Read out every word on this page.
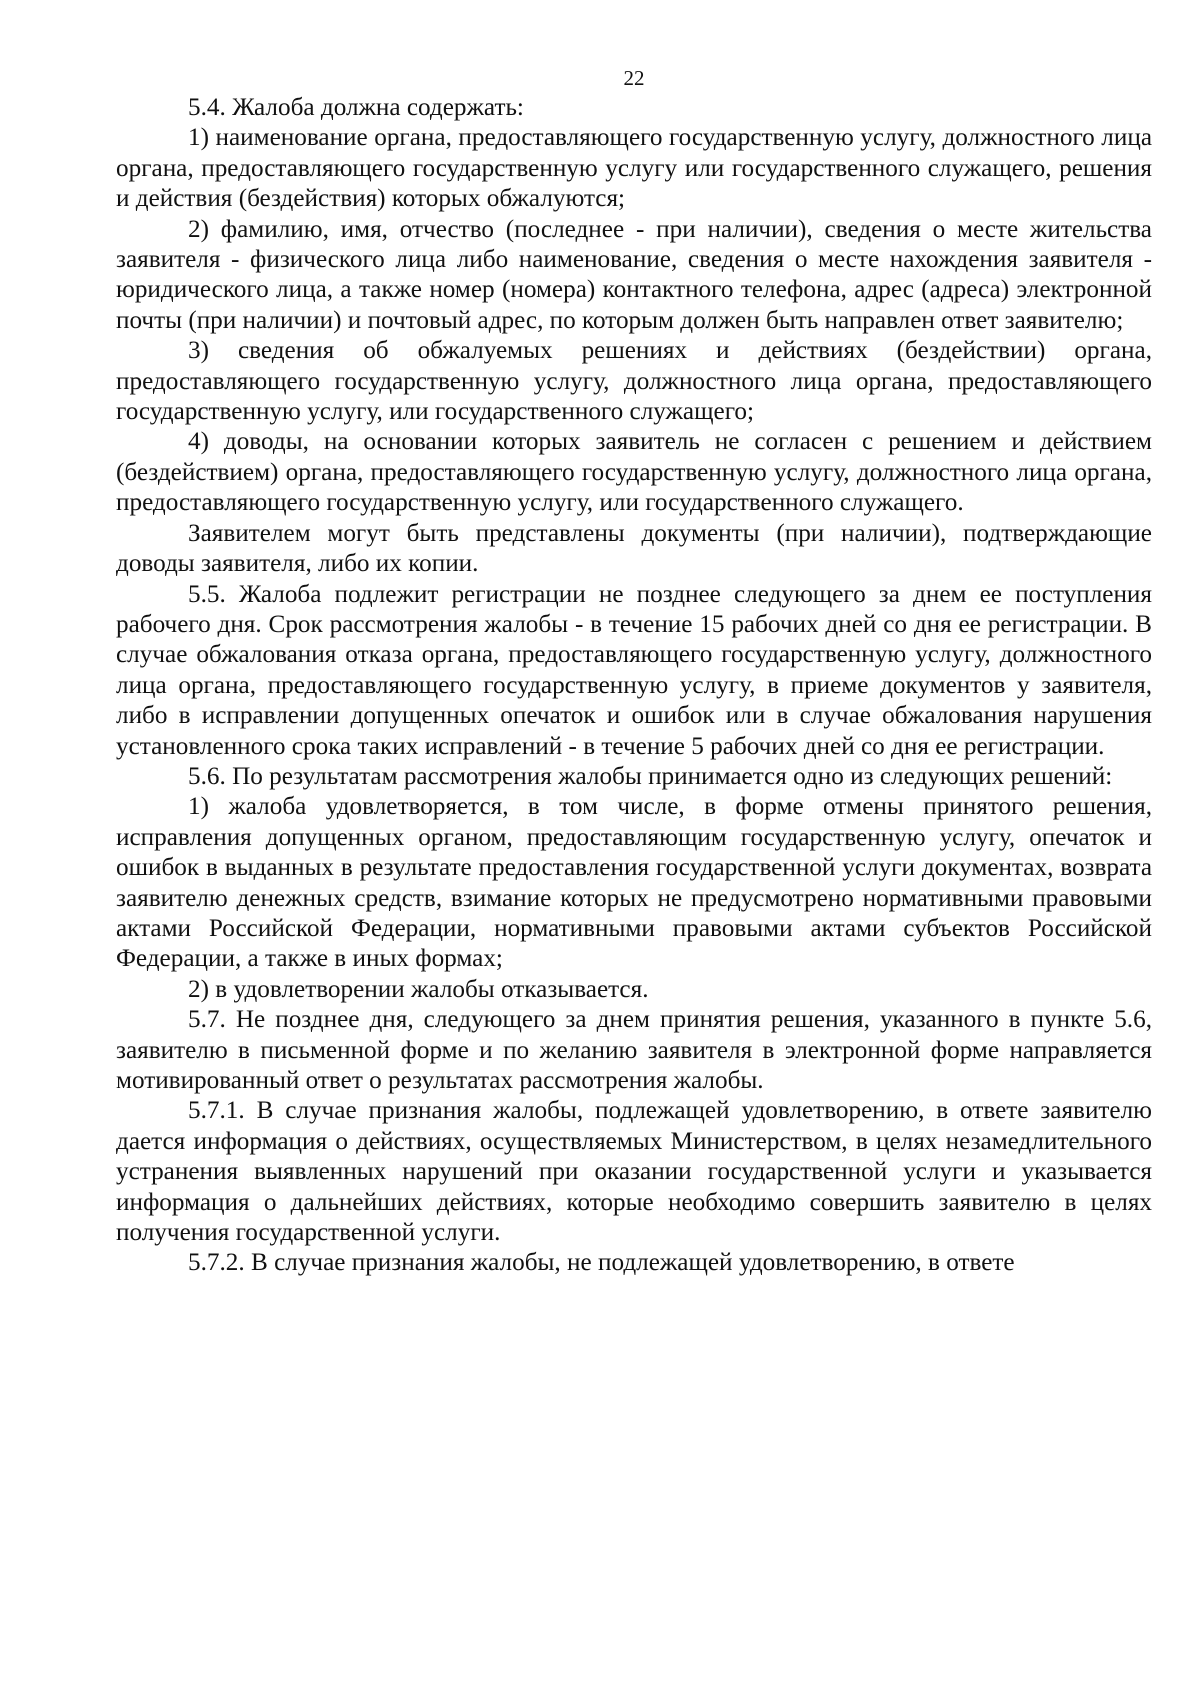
22

5.4. Жалоба должна содержать:

1) наименование органа, предоставляющего государственную услугу, должностного лица органа, предоставляющего государственную услугу или государственного служащего, решения и действия (бездействия) которых обжалуются;

2) фамилию, имя, отчество (последнее - при наличии), сведения о месте жительства заявителя - физического лица либо наименование, сведения о месте нахождения заявителя - юридического лица, а также номер (номера) контактного телефона, адрес (адреса) электронной почты (при наличии) и почтовый адрес, по которым должен быть направлен ответ заявителю;

3) сведения об обжалуемых решениях и действиях (бездействии) органа, предоставляющего государственную услугу, должностного лица органа, предоставляющего государственную услугу, или государственного служащего;

4) доводы, на основании которых заявитель не согласен с решением и действием (бездействием) органа, предоставляющего государственную услугу, должностного лица органа, предоставляющего государственную услугу, или государственного служащего.

Заявителем могут быть представлены документы (при наличии), подтверждающие доводы заявителя, либо их копии.

5.5. Жалоба подлежит регистрации не позднее следующего за днем ее поступления рабочего дня. Срок рассмотрения жалобы - в течение 15 рабочих дней со дня ее регистрации. В случае обжалования отказа органа, предоставляющего государственную услугу, должностного лица органа, предоставляющего государственную услугу, в приеме документов у заявителя, либо в исправлении допущенных опечаток и ошибок или в случае обжалования нарушения установленного срока таких исправлений - в течение 5 рабочих дней со дня ее регистрации.

5.6. По результатам рассмотрения жалобы принимается одно из следующих решений:

1) жалоба удовлетворяется, в том числе, в форме отмены принятого решения, исправления допущенных органом, предоставляющим государственную услугу, опечаток и ошибок в выданных в результате предоставления государственной услуги документах, возврата заявителю денежных средств, взимание которых не предусмотрено нормативными правовыми актами Российской Федерации, нормативными правовыми актами субъектов Российской Федерации, а также в иных формах;

2) в удовлетворении жалобы отказывается.

5.7. Не позднее дня, следующего за днем принятия решения, указанного в пункте 5.6, заявителю в письменной форме и по желанию заявителя в электронной форме направляется мотивированный ответ о результатах рассмотрения жалобы.

5.7.1. В случае признания жалобы, подлежащей удовлетворению, в ответе заявителю дается информация о действиях, осуществляемых Министерством, в целях незамедлительного устранения выявленных нарушений при оказании государственной услуги и указывается информация о дальнейших действиях, которые необходимо совершить заявителю в целях получения государственной услуги.

5.7.2. В случае признания жалобы, не подлежащей удовлетворению, в ответе
